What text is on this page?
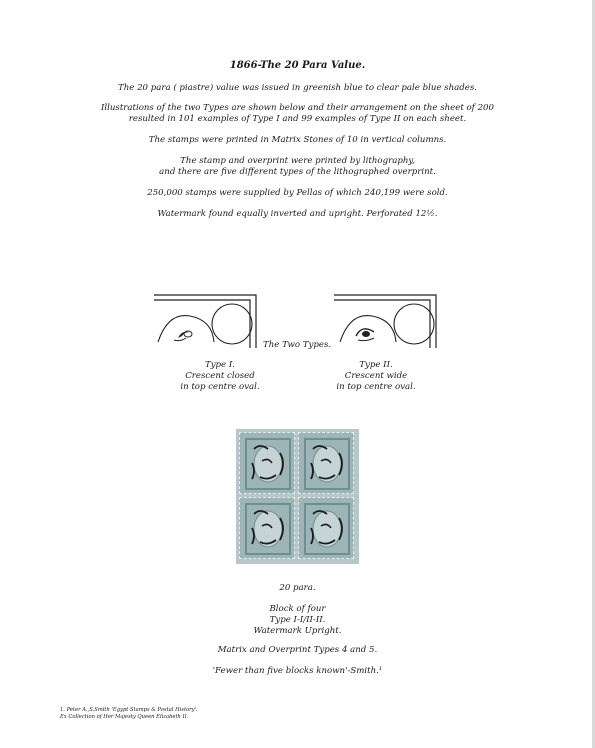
1866-The 20 Para Value.
The 20 para ( piastre) value was issued in greenish blue to clear pale blue shades.
Illustrations of the two Types are shown below and their arrangement on the sheet of 200
resulted in 101 examples of Type I and 99 examples of Type II on each sheet.
The stamps were printed in Matrix Stones of 10 in vertical columns.
The stamp and overprint were printed by lithography,
and there are five different types of the lithographed overprint.
250,000 stamps were supplied by Pellas of which 240,199 were sold.
Watermark found equally inverted and upright. Perforated 12½.
The Two Types.
Type I.
Crescent closed
in top centre oval.
Type II.
Crescent wide
in top centre oval.
20 para.
Block of four
Type I-I/II-II.
Watermark Upright.
Matrix and Overprint Types 4 and 5.
'Fewer than five blocks known'-Smith.¹
1. Peter A.,S.Smith 'Egypt Stamps & Postal History'.
Ex Collection of Her Majesty Queen Elizabeth II.
